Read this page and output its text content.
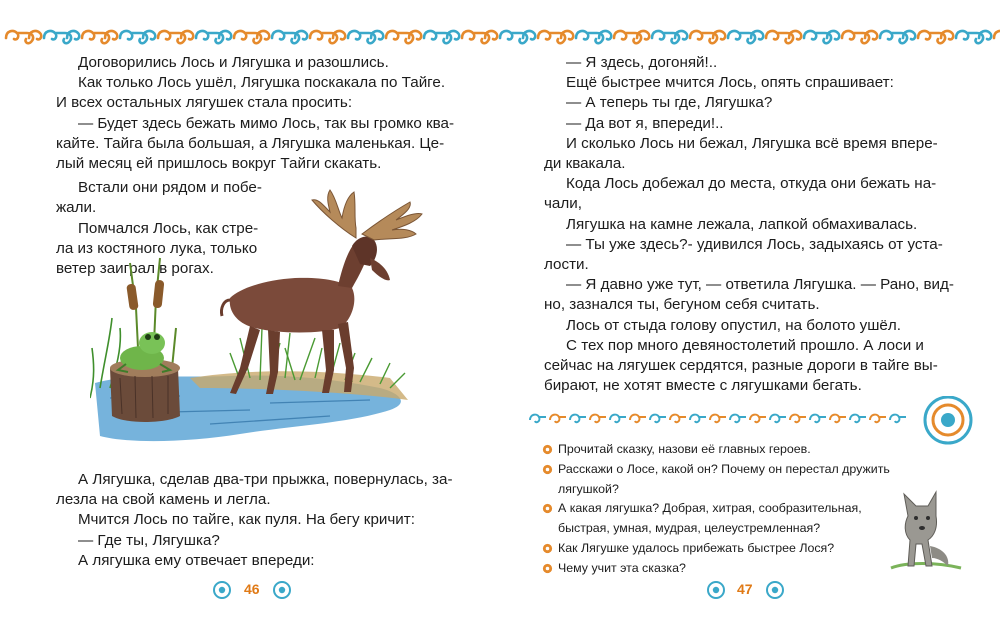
Договорились Лось и Лягушка и разошлись.

Как только Лось ушёл, Лягушка поскакала по Тайге.

И всех остальных лягушек стала просить:

— Будет здесь бежать мимо Лось, так вы громко ква-

кайте. Тайга была большая, а Лягушка маленькая. Це-

лый месяц ей пришлось вокруг Тайги скакать.

Встали они рядом и побе-

жали.

Помчался Лось, как стре-

ла из костяного лука, только

ветер заиграл в рогах.

А Лягушка, сделав два-три прыжка, повернулась, за-

лезла на свой камень и легла.

Мчится Лось по тайге, как пуля. На бегу кричит:

— Где ты, Лягушка?

А лягушка ему отвечает впереди:

46

— Я здесь, догоняй!..

Ещё быстрее мчится Лось, опять спрашивает:

— А теперь ты где, Лягушка?

— Да вот я, впереди!..

И сколько Лось ни бежал, Лягушка всё время впере-

ди квакала.

Кода Лось добежал до места, откуда они бежать на-

чали,

Лягушка на камне лежала, лапкой обмахивалась.

— Ты уже здесь?- удивился Лось, задыхаясь от уста-

лости.

— Я давно уже тут, — ответила Лягушка. — Рано, вид-

но, зазнался ты, бегуном себя считать.

Лось от стыда голову опустил, на болото ушёл.

С тех пор много девяностолетий прошло. А лоси и

сейчас на лягушек сердятся, разные дороги в тайге вы-

бирают, не хотят вместе с лягушками бегать.

Прочитай сказку, назови её главных героев.
Расскажи о Лосе, какой он? Почему он перестал дружить
лягушкой?
А какая лягушка? Добрая, хитрая, сообразительная,
быстрая, умная, мудрая, целеустремленная?
Как Лягушке удалось прибежать быстрее Лося?
Чему учит эта сказка?
47
